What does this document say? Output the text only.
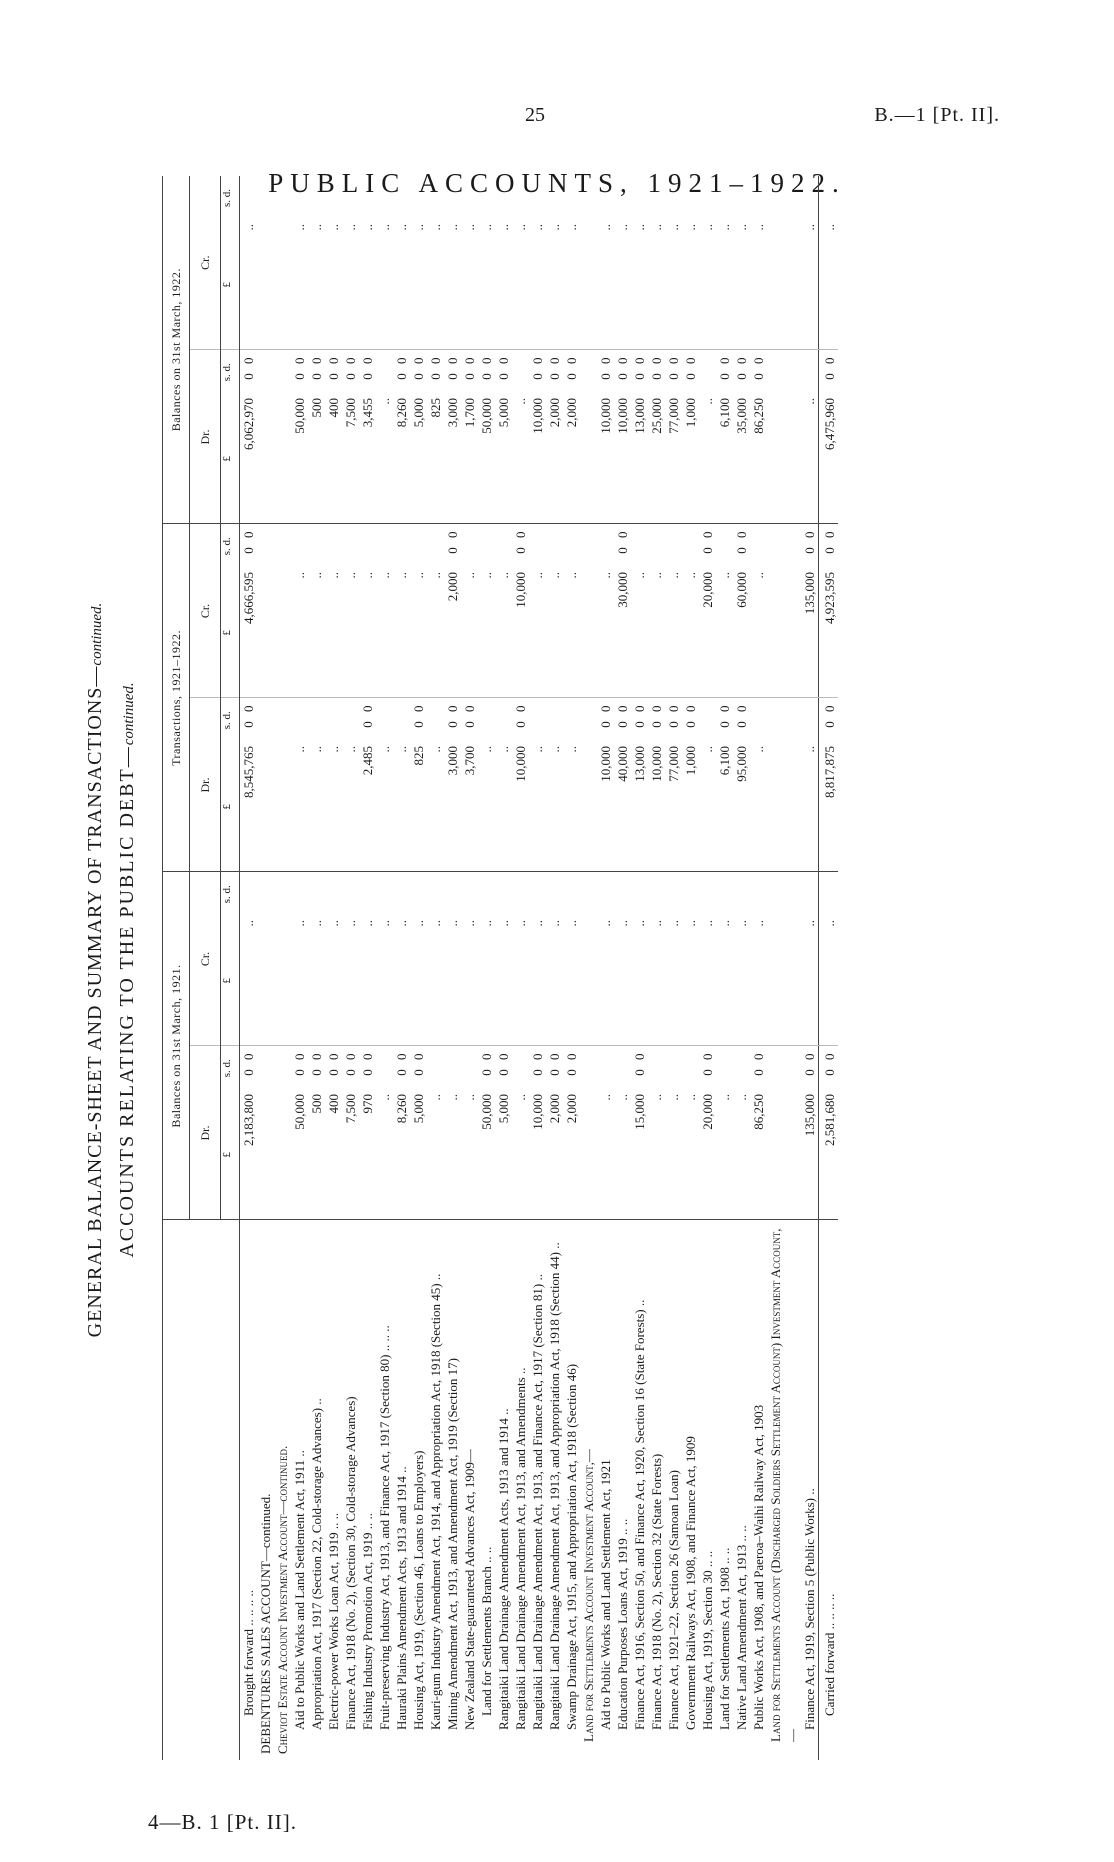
25	B.—1 [Pt. II].
PUBLIC ACCOUNTS, 1921–1922.
GENERAL BALANCE-SHEET AND SUMMARY OF TRANSACTIONS—continued.
ACCOUNTS RELATING TO THE PUBLIC DEBT—continued.
	Balances on 31st March, 1921.				Transactions, 1921–1922.				Balances on 31st March, 1922.			
	Dr.		Cr.		Dr.		Cr.		Dr.		Cr.	
	£	s. d.	£	s. d.	£	s. d.	£	s. d.	£	s. d.	£	s. d.
Brought forward .. .. .. ..	2,183,800	0 0	..		8,545,765	0 0	4,666,595	0 0	6,062,970	0 0	..	
DEBENTURES SALES ACCOUNT—continued.												
Cheviot Estate Account Investment Account—continued.												
Aid to Public Works and Land Settlement Act, 1911 ..	50,000	0 0	..		..		..		50,000	0 0	..	
Appropriation Act, 1917 (Section 22, Cold-storage Advances) ..	500	0 0	..		..		..		500	0 0	..	
Electric-power Works Loan Act, 1919 .. ..	400	0 0	..		..		..		400	0 0	..	
Finance Act, 1918 (No. 2), (Section 30, Cold-storage Advances)	7,500	0 0	..		..		..		7,500	0 0	..	
Fishing Industry Promotion Act, 1919 .. ..	970	0 0	..		2,485	0 0	..		3,455	0 0	..	
Fruit-preserving Industry Act, 1913, and Finance Act, 1917 (Section 80) .. .. ..	..		..		..		..		..		..	
Hauraki Plains Amendment Acts, 1913 and 1914 ..	8,260	0 0	..		..		..		8,260	0 0	..	
Housing Act, 1919, (Section 46, Loans to Employers)	5,000	0 0	..		825	0 0	..		5,000	0 0	..	
Kauri-gum Industry Amendment Act, 1914, and Appropriation Act, 1918 (Section 45) ..	..		..		..		..		825	0 0	..	
Mining Amendment Act, 1913, and Amendment Act, 1919 (Section 17)	..		..		3,000	0 0	2,000	0 0	3,000	0 0	..	
New Zealand State-guaranteed Advances Act, 1909—	..		..		3,700	0 0	..		1,700	0 0	..	
Land for Settlements Branch .. ..	50,000	0 0	..		..		..		50,000	0 0	..	
Rangitaiki Land Drainage Amendment Acts, 1913 and 1914 ..	5,000	0 0	..		..		..		5,000	0 0	..	
Rangitaiki Land Drainage Amendment Act, 1913, and Amendments ..	..		..		10,000	0 0	10,000	0 0	..		..	
Rangitaiki Land Drainage Amendment Act, 1913, and Finance Act, 1917 (Section 81) ..	10,000	0 0	..		..		..		10,000	0 0	..	
Rangitaiki Land Drainage Amendment Act, 1913, and Appropriation Act, 1918 (Section 44) ..	2,000	0 0	..		..		..		2,000	0 0	..	
Swamp Drainage Act, 1915, and Appropriation Act, 1918 (Section 46)	2,000	0 0	..		..		..		2,000	0 0	..	
Land for Settlements Account Investment Account,—												
Aid to Public Works and Land Settlement Act, 1921	..		..		10,000	0 0	..		10,000	0 0	..	
Education Purposes Loans Act, 1919 .. ..	..		..		40,000	0 0	30,000	0 0	10,000	0 0	..	
Finance Act, 1916, Section 50, and Finance Act, 1920, Section 16 (State Forests) ..	15,000	0 0	..		13,000	0 0	..		13,000	0 0	..	
Finance Act, 1918 (No. 2), Section 32 (State Forests)	..		..		10,000	0 0	..		25,000	0 0	..	
Finance Act, 1921–22, Section 26 (Samoan Loan)	..		..		77,000	0 0	..		77,000	0 0	..	
Government Railways Act, 1908, and Finance Act, 1909	..		..		1,000	0 0	..		1,000	0 0	..	
Housing Act, 1919, Section 30 .. ..	20,000	0 0	..		..		20,000	0 0	..		..	
Land for Settlements Act, 1908 .. ..	..		..		6,100	0 0	..		6,100	0 0	..	
Native Land Amendment Act, 1913 .. ..	..		..		95,000	0 0	60,000	0 0	35,000	0 0	..	
Public Works Act, 1908, and Paeroa–Waihi Railway Act, 1903	86,250	0 0	..		..		..		86,250	0 0	..	
Land for Settlements Account (Discharged Soldiers Settlement Account) Investment Account,—												
Finance Act, 1919, Section 5 (Public Works) ..	135,000	0 0	..		..		135,000	0 0	..		..	
Carried forward .. .. .. ..	2,581,680	0 0	..		8,817,875	0 0	4,923,595	0 0	6,475,960	0 0	..	
4—B. 1 [Pt. II].
